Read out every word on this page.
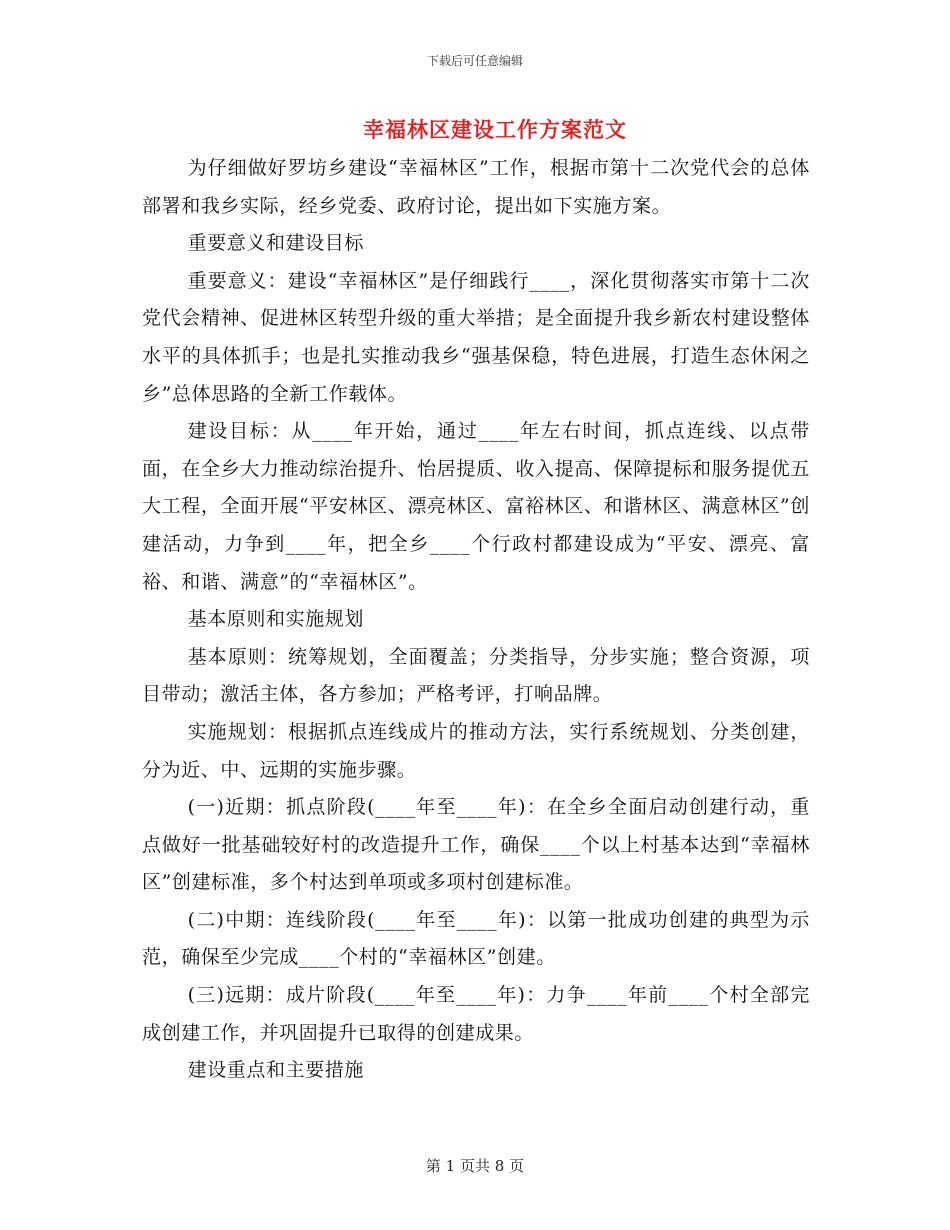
下载后可任意编辑
幸福林区建设工作方案范文

为仔细做好罗坊乡建设“幸福林区”工作，根据市第十二次党代会的总体部署和我乡实际，经乡党委、政府讨论，提出如下实施方案。

重要意义和建设目标

重要意义：建设“幸福林区”是仔细践行____，深化贯彻落实市第十二次党代会精神、促进林区转型升级的重大举措；是全面提升我乡新农村建设整体水平的具体抓手；也是扎实推动我乡“强基保稳，特色进展，打造生态休闲之乡”总体思路的全新工作载体。

建设目标：从____年开始，通过____年左右时间，抓点连线、以点带面，在全乡大力推动综治提升、怡居提质、收入提高、保障提标和服务提优五大工程，全面开展“平安林区、漂亮林区、富裕林区、和谐林区、满意林区”创建活动，力争到____年，把全乡____个行政村都建设成为“平安、漂亮、富裕、和谐、满意”的“幸福林区”。

基本原则和实施规划

基本原则：统筹规划，全面覆盖；分类指导，分步实施；整合资源，项目带动；激活主体，各方参加；严格考评，打响品牌。

实施规划：根据抓点连线成片的推动方法，实行系统规划、分类创建，分为近、中、远期的实施步骤。

(一)近期：抓点阶段(____年至____年)：在全乡全面启动创建行动，重点做好一批基础较好村的改造提升工作，确保____个以上村基本达到“幸福林区”创建标准，多个村达到单项或多项村创建标准。

(二)中期：连线阶段(____年至____年)：以第一批成功创建的典型为示范，确保至少完成____个村的“幸福林区”创建。

(三)远期：成片阶段(____年至____年)：力争____年前____个村全部完成创建工作，并巩固提升已取得的创建成果。

建设重点和主要措施

第 1 页共 8 页
